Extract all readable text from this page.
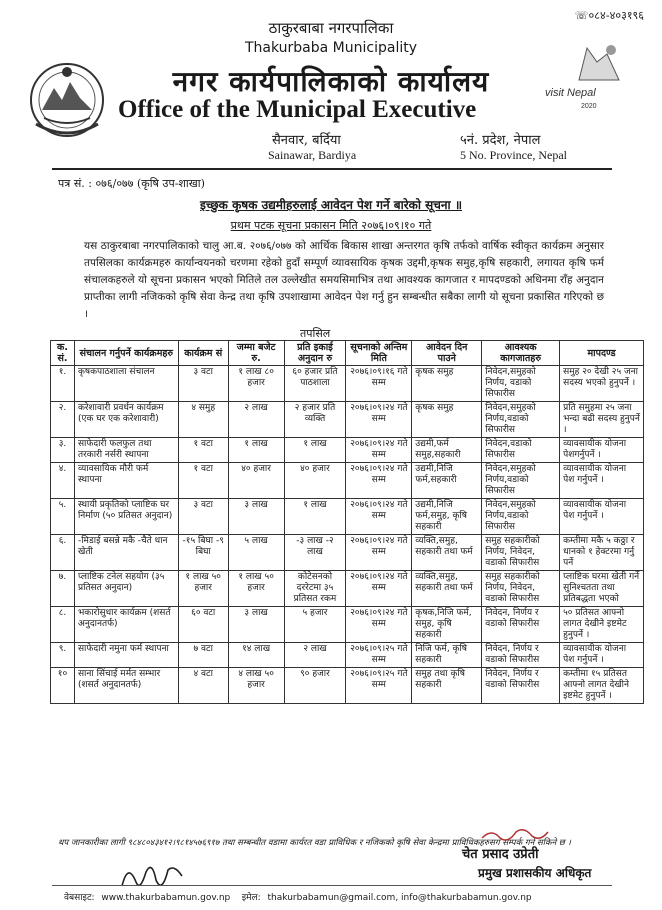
☏०८४-४०३१९६
visit Nepal
2020
ठाकुरबाबा नगरपालिका
Thakurbaba Municipality
नगर कार्यपालिकाको कार्यालय
Office of the Municipal Executive
सैनवार, बर्दिया
Sainawar, Bardiya
५नं. प्रदेश, नेपाल
5 No. Province, Nepal
पत्र सं. : ०७६/०७७ (कृषि उप-शाखा)
इच्छुक कृषक उद्यमीहरुलाई आवेदन पेश गर्ने बारेको सूचना ॥
प्रथम पटक सूचना प्रकासन मिति २०७६।०९।१० गते
यस ठाकुरबाबा नगरपालिकाको चालु आ.ब. २०७६/०७७ को आर्थिक बिकास शाखा अन्तरगत कृषि तर्फको वार्षिक स्वीकृत कार्यक्रम अनुसार तपसिलका कार्यक्रमहरु कार्यान्वयनको चरणमा रहेको हुदाँ सम्पूर्ण व्यावसायिक कृषक उद्दमी,कृषक समुह,कृषि सहकारी, लगायत कृषि फर्म संचालकहरुले यो सूचना प्रकासन भएको मितिले तल उल्लेखीत समयसिमाभित्र तथा आवश्यक कागजात र मापदण्डको अधिनमा राँह अनुदान प्राप्तीका लागी नजिकको कृषि सेवा केन्द्र तथा कृषि उपशाखामा आवेदन पेश गर्नु हुन सम्बन्धीत सबैका लागी यो सूचना प्रकासित गरिएको छ ।
तपसिल
क. सं.	संचालन गर्नुपर्ने कार्यक्रमहरु	कार्यक्रम सं	जम्मा बजेट रु.	प्रति इकाई अनुदान रु	सूचनाको अन्तिम मिति	आवेदन दिन पाउने	आवश्यक कागजातहरु	मापदण्ड
१.	कृषकपाठशाला संचालन	३ वटा	१ लाख ८० हजार	६० हजार प्रति पाठशाला	२०७६।०९।१६ गते सम्म	कृषक समुह	निवेदन,समुहको निर्णय, वडाको सिफारीस	समुह २० देखी २५ जना सदस्य भएको हुनुपर्ने ।
२.	करेशावारी प्रवर्धन कार्यक्रम (एक घर एक करेशावारी)	४ समुह	२ लाख	२ हजार प्रति व्यक्ति	२०७६।०९।२४ गते सम्म	कृषक समुह	निवेदन,समुहको निर्णय,वडाको सिफारीस	प्रति समुहमा २५ जना भन्दा बढी सदस्य हुनुपर्ने ।
३.	साफेदारी फलफुल तथा तरकारी नर्सरी स्थापना	१ वटा	१ लाख	१ लाख	२०७६।०९।२४ गते सम्म	उद्यमी,फर्म समुह,सहकारी	निवेदन,वडाको सिफारीस	व्यावसायीक योजना पेशगर्नुपर्ने ।
४.	व्यावसायिक मौरी फर्म स्थापना	१ वटा	४० हजार	४० हजार	२०७६।०९।२४ गते सम्म	उद्यमी,निजि फर्म,सहकारी	निवेदन,समुहको निर्णय,वडाको सिफारीस	व्यावसायीक योजना पेश गर्नुपर्ने ।
५.	स्थायी प्रकृतिको प्लाष्टिक घर निर्माण (५० प्रतिसत अनुदान)	३ वटा	३ लाख	१ लाख	२०७६।०९।२४ गते सम्म	उद्यमी,निजि फर्म,समुह, कृषि सहकारी	निवेदन,समुहको निर्णय,वडाको सिफारीस	व्यावसायीक योजना पेश गर्नुपर्ने ।
६.	-मिडाई बसन्ने मकै -चैते धान खेती	-१५ बिघा -९ बिघा	५ लाख	-३ लाख -२ लाख	२०७६।०९।२४ गते सम्म	व्यक्ति,समुह, सहकारी तथा फर्म	समुह सहकारीको निर्णय, निवेदन, वडाको सिफारीस	कम्तीमा मकै ५ कठ्ठा र धानको १ हेक्टरमा गर्नु पर्ने
७.	प्लाष्टिक टनेल सहयोग (३५ प्रतिसत अनुदान)	१ लाख ५० हजार	१ लाख ५० हजार	कोटेसनको दररेटमा ३५ प्रतिसत रकम	२०७६।०९।२४ गते सम्म	व्यक्ति,समुह, सहकारी तथा फर्म	समुह सहकारीको निर्णय, निवेदन, वडाको सिफारीस	प्लाष्टिक घरमा खेती गर्ने सुनिश्चतता तथा प्रतिबद्धता भएको
८.	भकारोसुधार कार्यक्रम (शसर्त अनुदानतर्फ)	६० वटा	३ लाख	५ हजार	२०७६।०९।२४ गते सम्म	कृषक,निजि फर्म, समुह, कृषि सहकारी	निवेदन, निर्णय र वडाको सिफारीस	५० प्रतिसत आफ्नो लागत देखीने इष्टमेट हुनुपर्ने ।
९.	साफेदारी नमुना फर्म स्थापना	७ वटा	१४ लाख	२ लाख	२०७६।०९।२५ गते सम्म	निजि फर्म, कृषि सहकारी	निवेदन, निर्णय र वडाको सिफारीस	व्यावसायीक योजना पेश गर्नुपर्ने ।
१०	साना सिंचाई मर्मत सम्भार (शसर्त अनुदानतर्फ)	४ वटा	४ लाख ५० हजार	९० हजार	२०७६।०९।२५ गते सम्म	समुह तथा कृषि सहकारी	निवेदन, निर्णय र वडाको सिफारीस	कम्तीमा १५ प्रतिसत आफ्नो लागत देखीने इष्टमेट हुनुपर्ने ।
थप जानकारीका लागी ९८४८०४३४१२।९८१४५७६९१७ तथा सम्बन्धीत वडामा कार्यरत वडा प्राविधिक र नजिकको कृषि सेवा केन्द्रमा प्राविधिकहरुसग सम्पर्क गर्न सकिने छ ।
चेत प्रसाद उप्रेती
प्रमुख प्रशासकीय अधिकृत
वेबसाइट: www.thakurbabamun.gov.np इमेल: thakurbabamun@gmail.com, info@thakurbabamun.gov.np
